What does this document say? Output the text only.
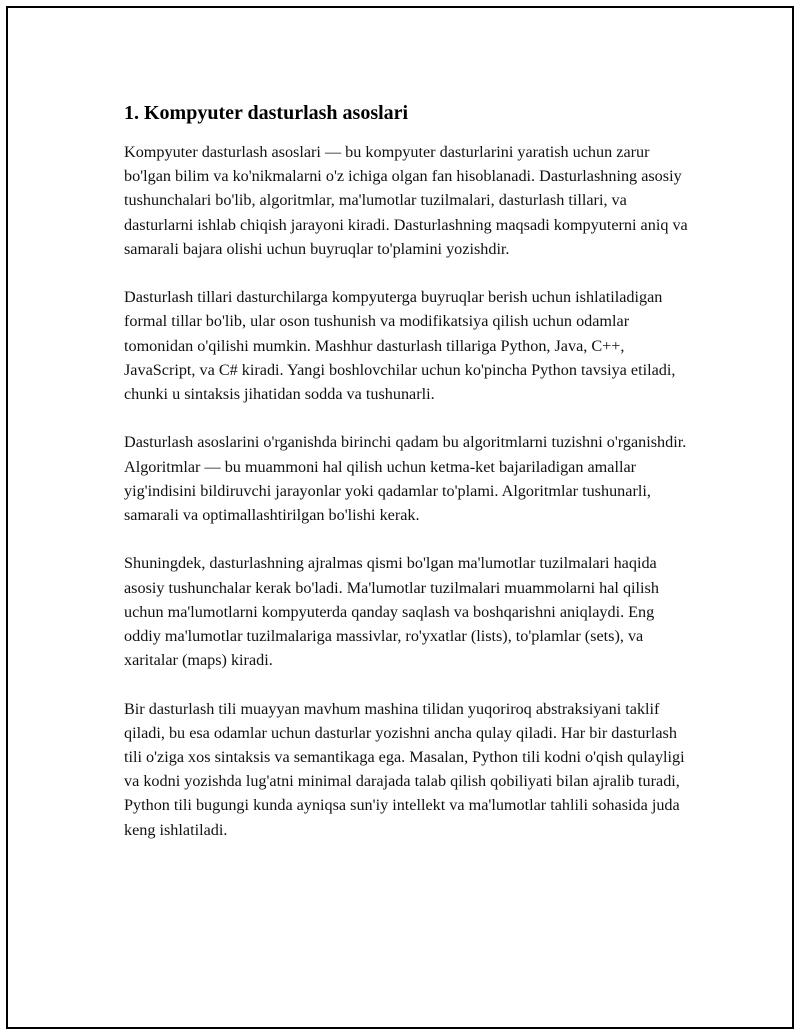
1. Kompyuter dasturlash asoslari

Kompyuter dasturlash asoslari — bu kompyuter dasturlarini yaratish uchun zarur bo'lgan bilim va ko'nikmalarni o'z ichiga olgan fan hisoblanadi. Dasturlashning asosiy tushunchalari bo'lib, algoritmlar, ma'lumotlar tuzilmalari, dasturlash tillari, va dasturlarni ishlab chiqish jarayoni kiradi. Dasturlashning maqsadi kompyuterni aniq va samarali bajara olishi uchun buyruqlar to'plamini yozishdir.

Dasturlash tillari dasturchilarga kompyuterga buyruqlar berish uchun ishlatiladigan formal tillar bo'lib, ular oson tushunish va modifikatsiya qilish uchun odamlar tomonidan o'qilishi mumkin. Mashhur dasturlash tillariga Python, Java, C++, JavaScript, va C# kiradi. Yangi boshlovchilar uchun ko'pincha Python tavsiya etiladi, chunki u sintaksis jihatidan sodda va tushunarli.

Dasturlash asoslarini o'rganishda birinchi qadam bu algoritmlarni tuzishni o'rganishdir. Algoritmlar — bu muammoni hal qilish uchun ketma-ket bajariladigan amallar yig'indisini bildiruvchi jarayonlar yoki qadamlar to'plami. Algoritmlar tushunarli, samarali va optimallashtirilgan bo'lishi kerak.

Shuningdek, dasturlashning ajralmas qismi bo'lgan ma'lumotlar tuzilmalari haqida asosiy tushunchalar kerak bo'ladi. Ma'lumotlar tuzilmalari muammolarni hal qilish uchun ma'lumotlarni kompyuterda qanday saqlash va boshqarishni aniqlaydi. Eng oddiy ma'lumotlar tuzilmalariga massivlar, ro'yxatlar (lists), to'plamlar (sets), va xaritalar (maps) kiradi.

Bir dasturlash tili muayyan mavhum mashina tilidan yuqoriroq abstraksiyani taklif qiladi, bu esa odamlar uchun dasturlar yozishni ancha qulay qiladi. Har bir dasturlash tili o'ziga xos sintaksis va semantikaga ega. Masalan, Python tili kodni o'qish qulayligi va kodni yozishda lug'atni minimal darajada talab qilish qobiliyati bilan ajralib turadi, Python tili bugungi kunda ayniqsa sun'iy intellekt va ma'lumotlar tahlili sohasida juda keng ishlatiladi.
